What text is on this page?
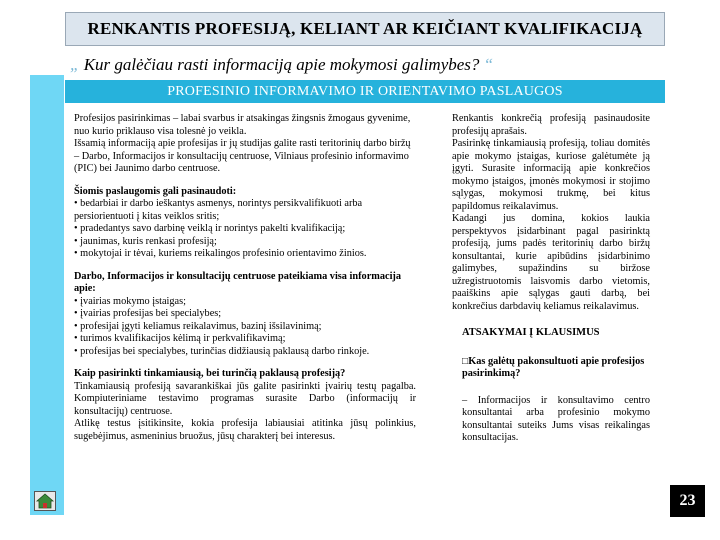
RENKANTIS PROFESIJĄ, KELIANT AR KEIČIANT KVALIFIKACIJĄ
„ Kur galėčiau rasti informaciją apie mokymosi galimybes? “
PROFESINIO INFORMAVIMO IR ORIENTAVIMO PASLAUGOS

Profesijos pasirinkimas – labai svarbus ir atsakingas žingsnis žmogaus gyvenime, nuo kurio priklauso visa tolesnė jo veikla.

Išsamią informaciją apie profesijas ir jų studijas galite rasti teritorinių darbo biržų – Darbo, Informacijos ir konsultacijų centruose, Vilniaus profesinio informavimo (PIC) bei Jaunimo darbo centruose.

Šiomis paslaugomis gali pasinaudoti:

• bedarbiai ir darbo ieškantys asmenys, norintys persikvalifikuoti arba persiorientuoti į kitas veiklos sritis;

• pradedantys savo darbinę veiklą ir norintys pakelti kvalifikaciją;

• jaunimas, kuris renkasi profesiją;

• mokytojai ir tėvai, kuriems reikalingos profesinio orientavimo žinios.

Darbo, Informacijos ir konsultacijų centruose pateikiama visa informacija apie:

• įvairias mokymo įstaigas;

• įvairias profesijas bei specialybes;

• profesijai įgyti keliamus reikalavimus, bazinį išsilavinimą;

• turimos kvalifikacijos kėlimą ir perkvalifikavimą;

• profesijas bei specialybes, turinčias didžiausią paklausą darbo rinkoje.

Kaip pasirinkti tinkamiausią, bei turinčią paklausą profesiją?

Tinkamiausią profesiją savarankiškai jūs galite pasirinkti įvairių testų pagalba. Kompiuteriniame testavimo programas surasite Darbo (informacijų ir konsultacijų) centruose.

Atlikę testus įsitikinsite, kokia profesija labiausiai atitinka jūsų polinkius, sugebėjimus, asmeninius bruožus, jūsų charakterį bei interesus.

Renkantis konkrečią profesiją pasinaudosite profesijų aprašais.

Pasirinkę tinkamiausią profesiją, toliau domitės apie mokymo įstaigas, kuriose galėtumėte ją įgyti. Surasite informaciją apie konkrečios mokymo įstaigos, įmonės mokymosi ir stojimo sąlygas, mokymosi trukmę, bei kitus papildomus reikalavimus.

Kadangi jus domina, kokios laukia perspektyvos įsidarbinant pagal pasirinktą profesiją, jums padės teritorinių darbo biržų konsultantai, kurie apibūdins įsidarbinimo galimybes, supažindins su biržose užregistruotomis laisvomis darbo vietomis, paaiškins apie sąlygas gauti darbą, bei konkrečius darbdavių keliamus reikalavimus.

ATSAKYMAI Į KLAUSIMUS

□Kas galėtų pakonsultuoti apie profesijos pasirinkimą?

– Informacijos ir konsultavimo centro konsultantai arba profesinio mokymo konsultantai suteiks Jums visas reikalingas konsultacijas.

23
